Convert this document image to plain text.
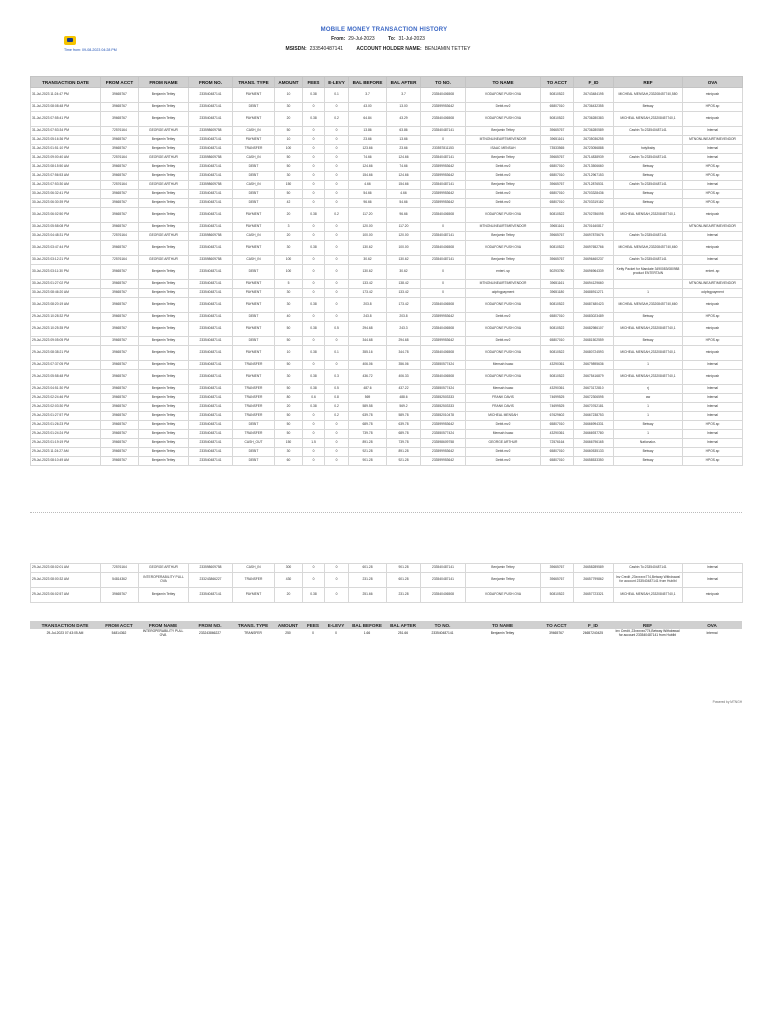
Time from: 09-08-2023 04:28 PM
MOBILE MONEY TRANSACTION HISTORY
From: 29-Jul-2023	To: 31-Jul-2023
MSISDN: 233540487141	ACCOUNT HOLDER NAME: BENJAMIN TETTEY
TRANSACTION DATE	FROM ACCT	FROM NAME	FROM NO.	TRANS. TYPE	AMOUNT	FEES	E-LEVY	BAL BEFORE	BAL AFTER	TO NO.	TO NAME	TO ACCT	F_ID	REF	OVA
31-Jul-2023 11:24:47 PM	39665767	Benjamin Tettey	233540487141	PAYMENT	10	0.38	0.1	3.7	3.7	233540406508	VODAFONE PUSH OVA	50810522	26743484195	MICHEAL MENSAH,233208457740,580	mtnipush
31-Jul-2023 08:08:48 PM	39665767	Benjamin Tettey	233540487141	DEBIT	30	0	0	43.00	13.00	233599953642	Debit.mv2	65807010	26736432355	Betway	HPOS.sp
31-Jul-2023 07:55:41 PM	39665767	Benjamin Tettey	233540487141	PAYMENT	20	0.38	0.2	64.84	43.29	233540406508	VODAFONE PUSH OVA	50810522	26736280383	MICHEAL MENSAH,233208457740,1	mtnipush
31-Jul-2023 07:53:34 PM	72576164	GEORGE ARTHUR	233598609758	CASH_IN	50	0	0	13.86	63.86	233540487141	Benjamin Tettey	39665767	26736280589	Cashin To:233540487141	Internal
31-Jul-2023 05:16:36 PM	39665767	Benjamin Tettey	233540487141	PAYMENT	10	0	0	23.66	13.66	0	MTNONLINEAIRTIMEVENDOR	39651161	26735036255		MTNONLINEAIRTIMEVENDOR
31-Jul-2023 01:51:10 PM	39665767	Benjamin Tettey	233540487141	TRANSFER	100	0	0	123.66	23.66	233557811153	ISAAC MENSAH	73533565	26723056888	hotylbaby	Internal
31-Jul-2023 09:00:40 AM	72576164	GEORGE ARTHUR	233598609758	CASH_IN	50	0	0	74.66	124.66	233540487141	Benjamin Tettey	39665767	26714838939	Cashin To:233540487141	Internal
31-Jul-2023 08:15:50 AM	39665767	Benjamin Tettey	233540487141	DEBIT	50	0	0	124.66	74.66	233599953642	Debit.mv2	65807010	26713506660	Betway	HPOS.sp
31-Jul-2023 07:56:53 AM	39665767	Benjamin Tettey	233540487141	DEBIT	30	0	0	154.66	124.66	233599953642	Debit.mv2	65807010	26712967153	Betway	HPOS.sp
31-Jul-2023 07:53:30 AM	72576164	GEORGE ARTHUR	233598609758	CASH_IN	150	0	0	4.66	154.66	233540487141	Benjamin Tettey	39665767	26712876531	Cashin To:233540487141	Internal
30-Jul-2023 06:32:41 PM	39665767	Benjamin Tettey	233540487141	DEBIT	50	0	0	54.66	4.66	233599953642	Debit.mv2	65807010	26703328436	Betway	HPOS.sp
30-Jul-2023 06:30:39 PM	39665767	Benjamin Tettey	233540487141	DEBIT	42	0	0	96.66	54.66	233599953642	Debit.mv2	65807010	26703319182	Betway	HPOS.sp
30-Jul-2023 06:02:50 PM	39665767	Benjamin Tettey	233540487141	PAYMENT	20	0.38	0.2	117.20	96.66	233540406508	VODAFONE PUSH OVA	50810522	26702786095	MICHEAL MENSAH,233208457740,1	mtnipush
30-Jul-2023 05:58:08 PM	39665767	Benjamin Tettey	233540487141	PAYMENT	3	0	0	120.00	117.20	0	MTNONLINEAIRTIMEVENDOR	39651161	26701640817		MTNONLINEAIRTIMEVENDOR
30-Jul-2023 04:48:31 PM	72576164	GEORGE ARTHUR	233598609758	CASH_IN	20	0	0	100.00	120.00	233540487141	Benjamin Tettey	39665767	26697875676	Cashin To:233540487141	Internal
30-Jul-2023 03:47:44 PM	39665767	Benjamin Tettey	233540487141	PAYMENT	30	0.38	0	130.62	100.00	233540406508	VODAFONE PUSH OVA	50810522	26697652766	MICHEAL MENSAH,233208457740,660	mtnipush
30-Jul-2023 03:12:21 PM	72576164	GEORGE ARTHUR	233598609758	CASH_IN	100	0	0	30.62	130.62	233540487141	Benjamin Tettey	39665767	26696460237	Cashin To:233540487141	Internal
30-Jul-2023 03:11:30 PM	39665767	Benjamin Tettey	233540487141	DEBIT	100	0	0	130.62	30.62	0	entert..sp	50293780	26696964339	Ketty Packet for Mandate 3490083/080988 product ENTERTAIN	entert..sp
30-Jul-2023 01:27:02 PM	39665767	Benjamin Tettey	233540487141	PAYMENT	5	0	0	133.42	138.42	0	MTNONLINEAIRTIMEVENDOR	39651161	26694129660		MTNONLINEAIRTIMEVENDOR
30-Jul-2023 08:46:20 AM	39665767	Benjamin Tettey	233540487141	PAYMENT	30	0	0	173.42	133.42	0	odpfxgpayment	39651180	26688911271	1	odpfxgpayment
30-Jul-2023 08:20:19 AM	39665767	Benjamin Tettey	233540487141	PAYMENT	30	0.38	0	203.8	173.42	233540406508	VODAFONE PUSH OVA	50810522	26687480423	MICHEAL MENSAH,233208457740,660	mtnipush
29-Jul-2023 10:28:32 PM	39665767	Benjamin Tettey	233540487141	DEBIT	40	0	0	243.8	203.8	233599953642	Debit.mv2	65807010	26683023489	Betway	HPOS.sp
29-Jul-2023 10:25:35 PM	39665767	Benjamin Tettey	233540487141	PAYMENT	50	0.38	0.5	294.68	243.3	233540406508	VODAFONE PUSH OVA	50810522	26682986107	MICHEAL MENSAH,233208457740,1	mtnipush
29-Jul-2023 09:05:05 PM	39665767	Benjamin Tettey	233540487141	DEBIT	50	0	0	344.68	294.68	233599953642	Debit.mv2	65807010	26681502559	Betway	HPOS.sp
29-Jul-2023 08:38:21 PM	39665767	Benjamin Tettey	233540487141	PAYMENT	10	0.38	0.1	355.16	344.78	233540406508	VODAFONE PUSH OVA	50810522	26680724593	MICHEAL MENSAH,233208457740,1	mtnipush
29-Jul-2023 07:37:05 PM	39665767	Benjamin Tettey	233540487141	TRANSFER	50	0	0	406.06	356.06	233550577424	Mensah Isaac	43290361	26679895636	1	Internal
29-Jul-2023 05:58:48 PM	39665767	Benjamin Tettey	233540487141	PAYMENT	30	0.38	0.3	436.72	406.33	233540406508	VODAFONE PUSH OVA	50810522	26675416879	MICHEAL MENSAH,233208457740,1	mtnipush
29-Jul-2023 04:51:30 PM	39665767	Benjamin Tettey	233540487141	TRANSFER	50	0.38	0.5	487.6	437.22	233550577424	Mensah Isaac	43290361	26673172810	rj	Internal
29-Jul-2023 02:24:46 PM	39665767	Benjamin Tettey	233540487141	TRANSFER	80	0.6	0.8	569	488.6	233552503333	FRANK DAVIS	74699525	26672306595	aw	Internal
29-Jul-2023 02:03:30 PM	39665767	Benjamin Tettey	233540487141	TRANSFER	20	0.38	0.2	589.58	569.2	233552503333	FRANK DAVIS	74699525	26670762181	1	Internal
29-Jul-2023 01:27:57 PM	39665767	Benjamin Tettey	233540487141	TRANSFER	50	0	0.2	639.78	589.78	233552010478	MICHEAL MENSAH	67629602	26667238753	1	Internal
29-Jul-2023 01:26:23 PM	39665767	Benjamin Tettey	233540487141	DEBIT	50	0	0	689.78	639.78	233599953642	Debit.mv2	65807010	26666994331	Betway	HPOS.sp
29-Jul-2023 01:24:24 PM	39665767	Benjamin Tettey	233540487141	TRANSFER	50	0	0	739.78	689.78	233550577424	Mensah Isaac	43290361	26666937780	1	Internal
29-Jul-2023 01:19:19 PM	39665767	Benjamin Tettey	233540487141	CASH_OUT	150	1.5	0	891.28	739.78	233598609758	GEORGE ARTHUR	72576164	26666796165	Nationalor-	Internal
29-Jul-2023 11:24:27 AM	39665767	Benjamin Tettey	233540487141	DEBIT	30	0	0	921.28	891.28	233599953642	Debit.mv2	65807010	26660535133	Betway	HPOS.sp
29-Jul-2023 08:10:49 AM	39665767	Benjamin Tettey	233540487141	DEBIT	60	0	0	901.28	921.28	233599953642	Debit.mv2	65807010	26658533350	Betway	HPOS.sp
29-Jul-2023 08:02:01 AM	72576164	GEORGE ARTHUR	233598609758	CASH_IN	300	0	0	601.28	901.28	233540487141	Benjamin Tettey	39665767	26658289589	Cashin To:233540487141	Internal
29-Jul-2023 08:00:32 AM	54814362	INTEROPERABILITY PULL OVA	233243866227	TRANSFER	430	0	0	231.28	601.28	233540487141	Benjamin Tettey	39665767	26657799862	Inv Credit ,23xxxxxx774,Betway Withdrawal for account 233540487141 from HubIbl	Internal
29-Jul-2023 06:02:57 AM	39665767	Benjamin Tettey	233540487141	PAYMENT	20	0.38	0	251.66	231.28	233540406508	VODAFONE PUSH OVA	50810522	26657723321	MICHEAL MENSAH,233208457740,1	mtnipush
TRANSACTION DATE	FROM ACCT	FROM NAME	FROM NO.	TRANS. TYPE	AMOUNT	FEES	E-LEVY	BAL BEFORE	BAL AFTER	TO NO.	TO NAME	TO ACCT	F_ID	REF	OVA
29-Jul-2023 07:43:05 AM	54814362	INTEROPERABILITY PULL OVA	233243866227	TRANSFER	250	0	0	1.66	251.66	233540487141	Benjamin Tettey	39665767	26657240425	Inv Credit ,23xxxxxx774,Betway Withdrawal for account 233540487141 from HubIbl	Internal
Powered by MTNGH
